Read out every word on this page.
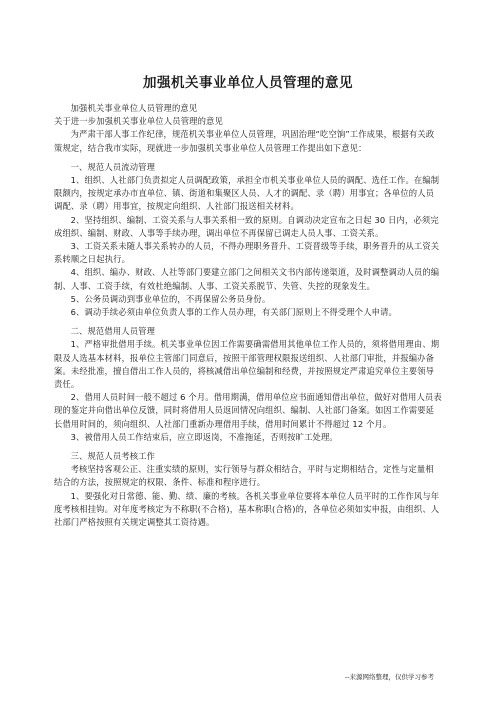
加强机关事业单位人员管理的意见

加强机关事业单位人员管理的意见

关于进一步加强机关事业单位人员管理的意见

为严肃干部人事工作纪律，规范机关事业单位人员管理，巩固治理“吃空饷”工作成果，根据有关政策规定，结合我市实际，现就进一步加强机关事业单位人员管理工作提出如下意见：

一、规范人员流动管理

1、组织、人社部门负责拟定人员调配政策，承担全市机关事业单位人员的调配、选任工作。在编制限额内，按规定承办市直单位、镇、街道和集聚区人员、人才的调配、录（聘）用事宜；各单位的人员调配、录（聘）用事宜，按规定向组织、人社部门报送相关材料。

2、坚持组织、编制、工资关系与人事关系相一致的原则。自调动决定宣布之日起 30 日内，必须完成组织、编制、财政、人事等手续办理，调出单位不再保留已调走人员人事、工资关系。

3、工资关系未随人事关系转办的人员，不得办理职务晋升、工资晋级等手续，职务晋升的从工资关系转顺之日起执行。

4、组织、编办、财政、人社等部门要建立部门之间相关文书内部传递渠道，及时调整调动人员的编制、人事、工资手续，有效杜绝编制、人事、工资关系脱节、失管、失控的现象发生。

5、公务员调动到事业单位的，不再保留公务员身份。

6、调动手续必须由单位负责人事的工作人员办理，有关部门原则上不得受理个人申请。

二、规范借用人员管理

1、严格审批借用手续。机关事业单位因工作需要确需借用其他单位工作人员的，须将借用理由、期限及人选基本材料，报单位主管部门同意后，按照干部管理权限报送组织、人社部门审批，并报编办备案。未经批准，擅自借出工作人员的，将核减借出单位编制和经费，并按照规定严肃追究单位主要领导责任。

2、借用人员时间一般不超过 6 个月。借用期满，借用单位应书面通知借出单位，做好对借用人员表现的鉴定并向借出单位反馈，同时将借用人员返回情况向组织、编制、人社部门备案。如因工作需要延长借用时间的，须向组织、人社部门重新办理借用手续，借用时间累计不得超过 12 个月。

3、被借用人员工作结束后，应立即返岗，不准拖延，否则按旷工处理。

三、规范人员考核工作

考核坚持客观公正、注重实绩的原则，实行领导与群众相结合，平时与定期相结合，定性与定量相结合的方法，按照规定的权限、条件、标准和程序进行。

1、要强化对日常德、能、勤、绩、廉的考核。各机关事业单位要将本单位人员平时的工作作风与年度考核相挂钩。对年度考核定为不称职(不合格)，基本称职(合格)的，各单位必须如实申报，由组织、人社部门严格按照有关规定调整其工资待遇。

--来源网络整理，仅供学习参考
